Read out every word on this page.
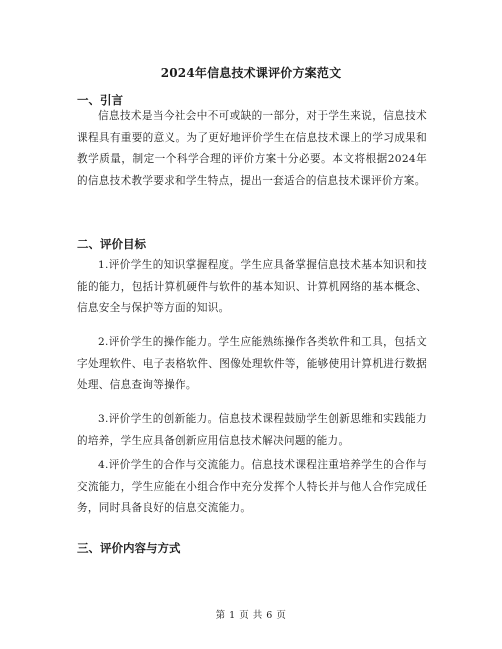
2024年信息技术课评价方案范文
一、引言

信息技术是当今社会中不可或缺的一部分，对于学生来说，信息技术课程具有重要的意义。为了更好地评价学生在信息技术课上的学习成果和教学质量，制定一个科学合理的评价方案十分必要。本文将根据2024年的信息技术教学要求和学生特点，提出一套适合的信息技术课评价方案。

二、评价目标

1.评价学生的知识掌握程度。学生应具备掌握信息技术基本知识和技能的能力，包括计算机硬件与软件的基本知识、计算机网络的基本概念、信息安全与保护等方面的知识。

2.评价学生的操作能力。学生应能熟练操作各类软件和工具，包括文字处理软件、电子表格软件、图像处理软件等，能够使用计算机进行数据处理、信息查询等操作。

3.评价学生的创新能力。信息技术课程鼓励学生创新思维和实践能力的培养，学生应具备创新应用信息技术解决问题的能力。

4.评价学生的合作与交流能力。信息技术课程注重培养学生的合作与交流能力，学生应能在小组合作中充分发挥个人特长并与他人合作完成任务，同时具备良好的信息交流能力。

三、评价内容与方式
第 1 页 共 6 页
